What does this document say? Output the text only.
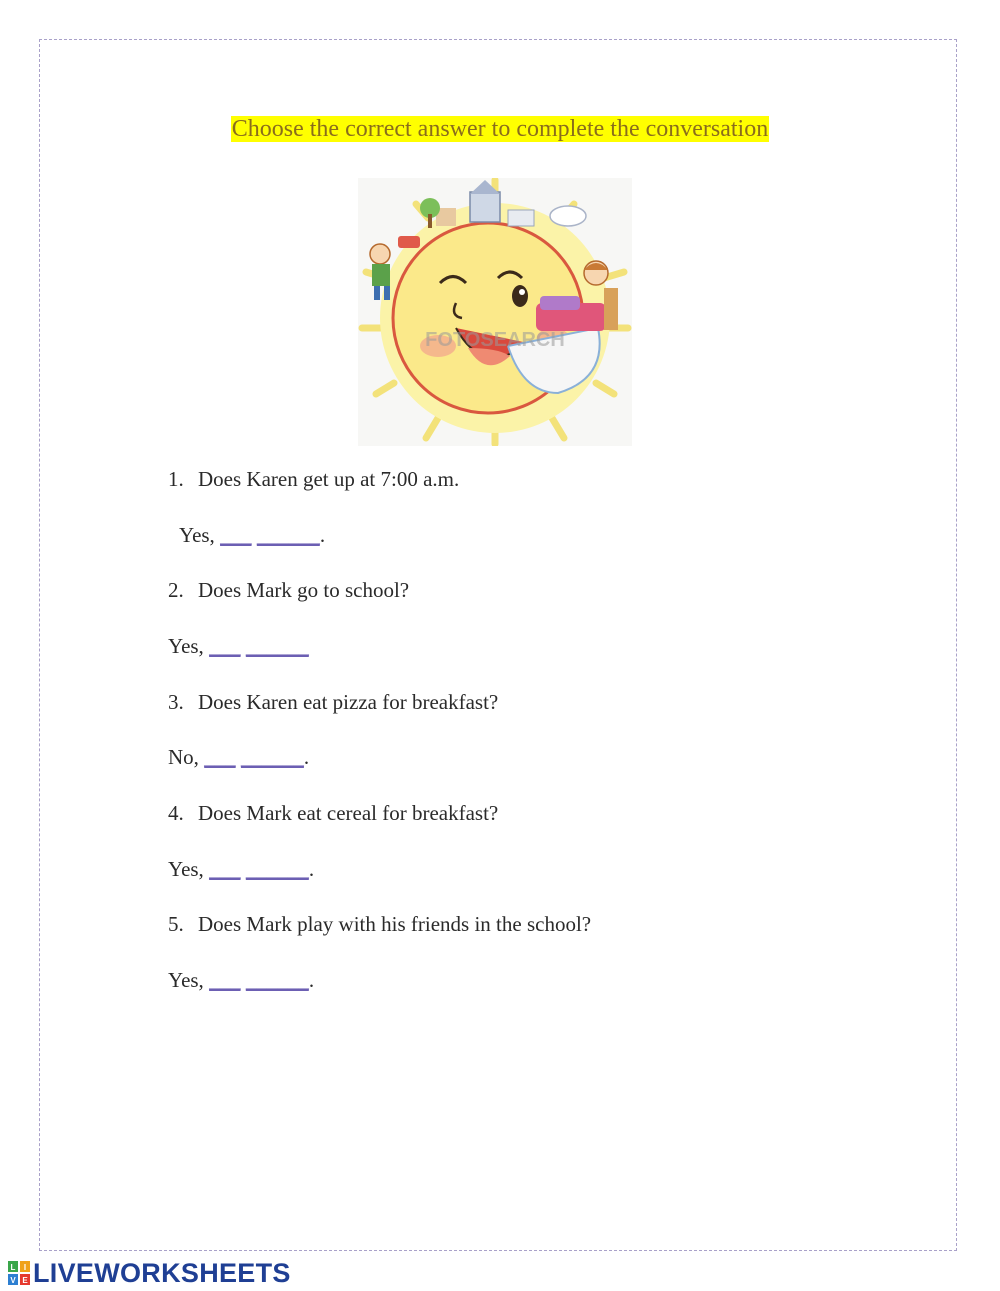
Choose the correct answer to complete the conversation
FOTOSEARCH
1. Does Karen get up at 7:00 a.m.
Yes, ___ ______.
2. Does Mark go to school?
Yes, ___ ______
3. Does Karen eat pizza for breakfast?
No, ___ ______.
4. Does Mark eat cereal for breakfast?
Yes, ___ ______.
5. Does Mark play with his friends in the school?
Yes, ___ ______.
L I
V E LIVEWORKSHEETS
